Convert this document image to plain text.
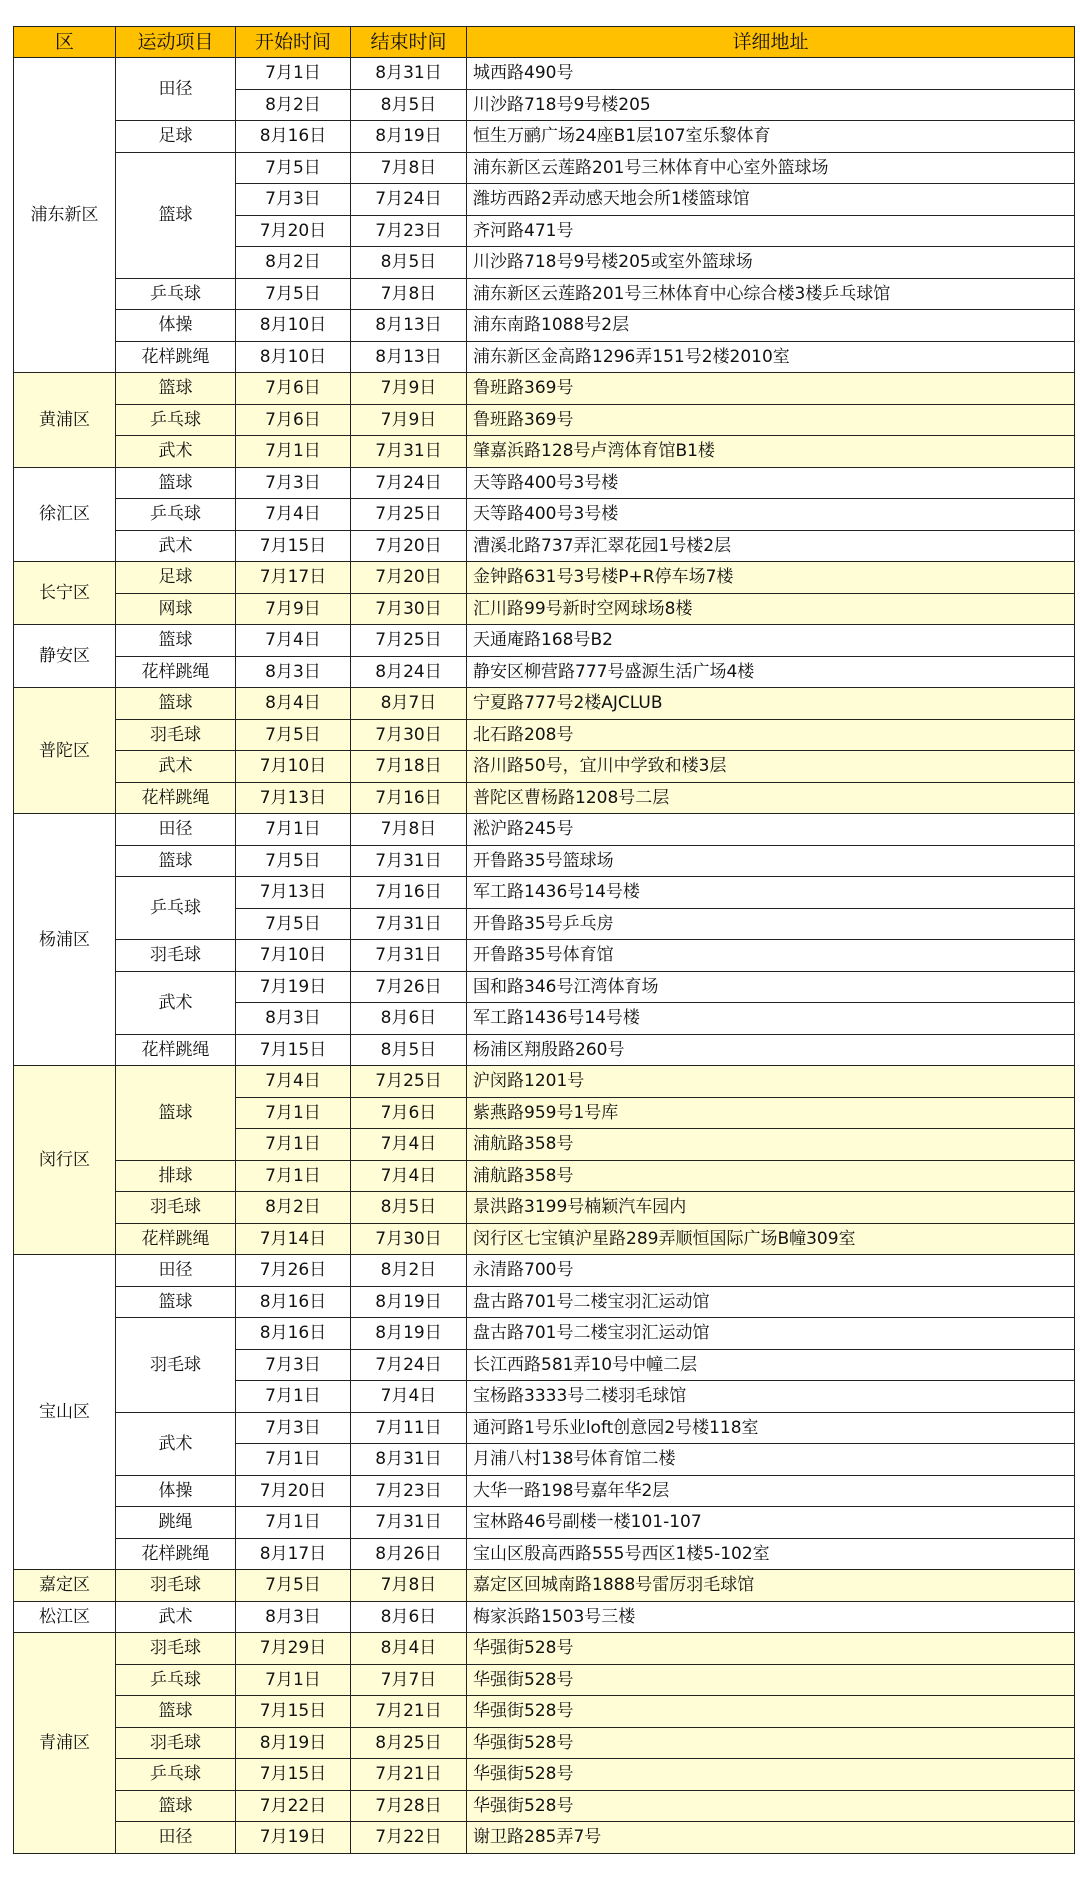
区	运动项目	开始时间	结束时间	详细地址
浦东新区	田径	7月1日	8月31日	城西路490号
		8月2日	8月5日	川沙路718号9号楼205
	足球	8月16日	8月19日	恒生万鹂广场24座B1层107室乐黎体育
	篮球	7月5日	7月8日	浦东新区云莲路201号三林体育中心室外篮球场
		7月3日	7月24日	潍坊西路2弄动感天地会所1楼篮球馆
		7月20日	7月23日	齐河路471号
		8月2日	8月5日	川沙路718号9号楼205或室外篮球场
	乒乓球	7月5日	7月8日	浦东新区云莲路201号三林体育中心综合楼3楼乒乓球馆
	体操	8月10日	8月13日	浦东南路1088号2层
	花样跳绳	8月10日	8月13日	浦东新区金高路1296弄151号2楼2010室
黄浦区	篮球	7月6日	7月9日	鲁班路369号
	乒乓球	7月6日	7月9日	鲁班路369号
	武术	7月1日	7月31日	肇嘉浜路128号卢湾体育馆B1楼
徐汇区	篮球	7月3日	7月24日	天等路400号3号楼
	乒乓球	7月4日	7月25日	天等路400号3号楼
	武术	7月15日	7月20日	漕溪北路737弄汇翠花园1号楼2层
长宁区	足球	7月17日	7月20日	金钟路631号3号楼P+R停车场7楼
	网球	7月9日	7月30日	汇川路99号新时空网球场8楼
静安区	篮球	7月4日	7月25日	天通庵路168号B2
	花样跳绳	8月3日	8月24日	静安区柳营路777号盛源生活广场4楼
普陀区	篮球	8月4日	8月7日	宁夏路777号2楼AJCLUB
	羽毛球	7月5日	7月30日	北石路208号
	武术	7月10日	7月18日	洛川路50号，宜川中学致和楼3层
	花样跳绳	7月13日	7月16日	普陀区曹杨路1208号二层
杨浦区	田径	7月1日	7月8日	淞沪路245号
	篮球	7月5日	7月31日	开鲁路35号篮球场
	乒乓球	7月13日	7月16日	军工路1436号14号楼
		7月5日	7月31日	开鲁路35号乒乓房
	羽毛球	7月10日	7月31日	开鲁路35号体育馆
	武术	7月19日	7月26日	国和路346号江湾体育场
		8月3日	8月6日	军工路1436号14号楼
	花样跳绳	7月15日	8月5日	杨浦区翔殷路260号
闵行区	篮球	7月4日	7月25日	沪闵路1201号
		7月1日	7月6日	紫燕路959号1号库
		7月1日	7月4日	浦航路358号
	排球	7月1日	7月4日	浦航路358号
	羽毛球	8月2日	8月5日	景洪路3199号楠颖汽车园内
	花样跳绳	7月14日	7月30日	闵行区七宝镇沪星路289弄顺恒国际广场B幢309室
宝山区	田径	7月26日	8月2日	永清路700号
	篮球	8月16日	8月19日	盘古路701号二楼宝羽汇运动馆
	羽毛球	8月16日	8月19日	盘古路701号二楼宝羽汇运动馆
		7月3日	7月24日	长江西路581弄10号中幢二层
		7月1日	7月4日	宝杨路3333号二楼羽毛球馆
	武术	7月3日	7月11日	通河路1号乐业loft创意园2号楼118室
		7月1日	8月31日	月浦八村138号体育馆二楼
	体操	7月20日	7月23日	大华一路198号嘉年华2层
	跳绳	7月1日	7月31日	宝林路46号副楼一楼101-107
	花样跳绳	8月17日	8月26日	宝山区殷高西路555号西区1楼5-102室
嘉定区	羽毛球	7月5日	7月8日	嘉定区回城南路1888号雷厉羽毛球馆
松江区	武术	8月3日	8月6日	梅家浜路1503号三楼
青浦区	羽毛球	7月29日	8月4日	华强街528号
	乒乓球	7月1日	7月7日	华强街528号
	篮球	7月15日	7月21日	华强街528号
	羽毛球	8月19日	8月25日	华强街528号
	乒乓球	7月15日	7月21日	华强街528号
	篮球	7月22日	7月28日	华强街528号
	田径	7月19日	7月22日	谢卫路285弄7号
